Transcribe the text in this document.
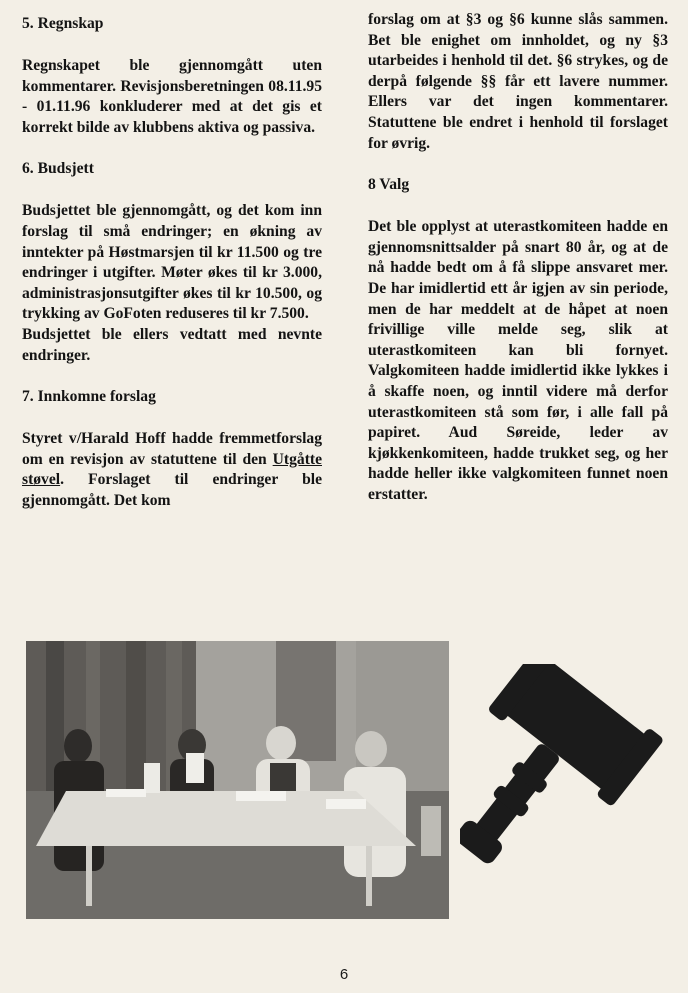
5. Regnskap

Regnskapet ble gjennomgått uten kommentarer. Revisjonsberetningen 08.11.95 - 01.11.96 konkluderer med at det gis et korrekt bilde av klubbens aktiva og passiva.

6. Budsjett

Budsjettet ble gjennomgått, og det kom inn forslag til små endringer; en økning av inntekter på Høstmarsjen til kr 11.500 og tre endringer i utgifter. Møter økes til kr 3.000, administrasjonsutgifter økes til kr 10.500, og trykking av GoFoten reduseres til kr 7.500.

Budsjettet ble ellers vedtatt med nevnte endringer.

7. Innkomne forslag

Styret v/Harald Hoff hadde fremmetforslag om en revisjon av statuttene til den Utgåtte støvel. Forslaget til endringer ble gjennomgått. Det kom

forslag om at §3 og §6 kunne slås sammen. Bet ble enighet om innholdet, og ny §3 utarbeides i henhold til det. §6 strykes, og de derpå følgende §§ får ett lavere nummer. Ellers var det ingen kommentarer. Statuttene ble endret i henhold til forslaget for øvrig.

8 Valg

Det ble opplyst at uterastkomiteen hadde en gjennomsnittsalder på snart 80 år, og at de nå hadde bedt om å få slippe ansvaret mer. De har imidlertid ett år igjen av sin periode, men de har meddelt at de håpet at noen frivillige ville melde seg, slik at uterastkomiteen kan bli fornyet. Valgkomiteen hadde imidlertid ikke lykkes i å skaffe noen, og inntil videre må derfor uterastkomiteen stå som før, i alle fall på papiret. Aud Søreide, leder av kjøkkenkomiteen, hadde trukket seg, og her hadde heller ikke valgkomiteen funnet noen erstatter.

6
